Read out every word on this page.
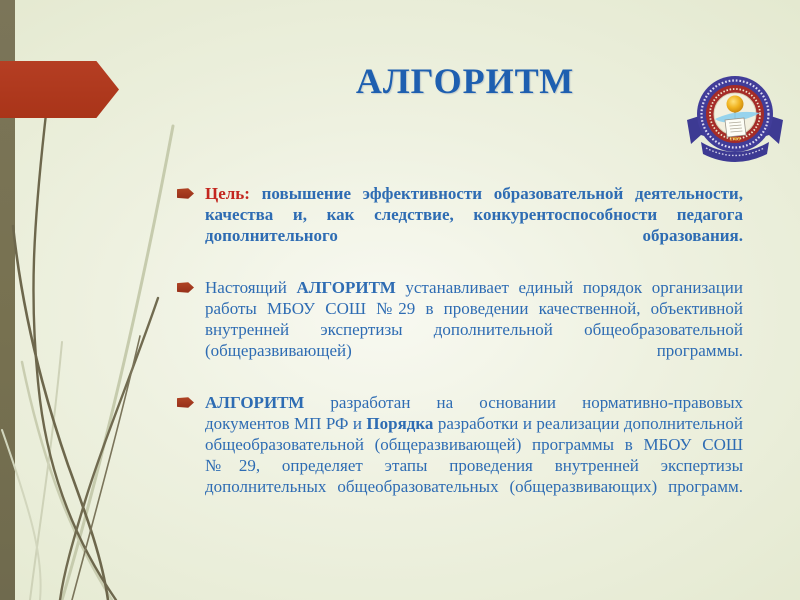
АЛГОРИТМ
1989
Цель: повышение эффективности образовательной деятельности, качества и, как следствие, конкурентоспособности педагога дополнительного образования.
Настоящий АЛГОРИТМ устанавливает единый порядок организации работы МБОУ СОШ №29 в проведении качественной, объективной внутренней экспертизы дополнительной общеобразовательной (общеразвивающей) программы.
АЛГОРИТМ разработан на основании нормативно-правовых документов МП РФ и Порядка разработки и реализации дополнительной общеобразовательной (общеразвивающей) программы в МБОУ СОШ №29, определяет этапы проведения внутренней экспертизы дополнительных общеобразовательных (общеразвивающих) программ.
